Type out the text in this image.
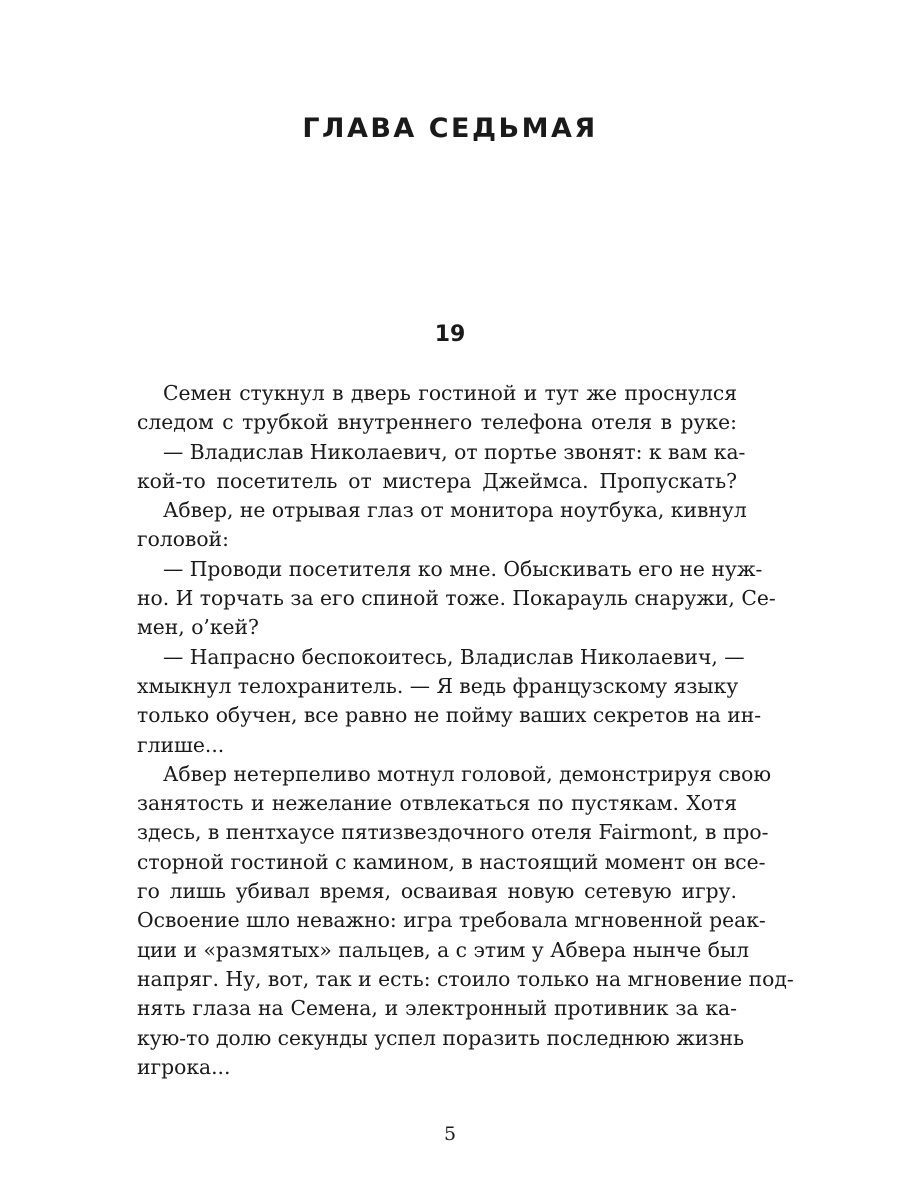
ГЛАВА СЕДЬМАЯ
19
Семен стукнул в дверь гостиной и тут же проснулся
следом с трубкой внутреннего телефона отеля в руке:
— Владислав Николаевич, от портье звонят: к вам ка-
кой-то посетитель от мистера Джеймса. Пропускать?
Абвер, не отрывая глаз от монитора ноутбука, кивнул
головой:
— Проводи посетителя ко мне. Обыскивать его не нуж-
но. И торчать за его спиной тоже. Покарауль снаружи, Се-
мен, о’кей?
— Напрасно беспокоитесь, Владислав Николаевич, —
хмыкнул телохранитель. — Я ведь французскому языку
только обучен, все равно не пойму ваших секретов на ин-
глише...
Абвер нетерпеливо мотнул головой, демонстрируя свою
занятость и нежелание отвлекаться по пустякам. Хотя
здесь, в пентхаусе пятизвездочного отеля Fairmont, в про-
сторной гостиной с камином, в настоящий момент он все-
го лишь убивал время, осваивая новую сетевую игру.
Освоение шло неважно: игра требовала мгновенной реак-
ции и «размятых» пальцев, а с этим у Абвера нынче был
напряг. Ну, вот, так и есть: стоило только на мгновение под-
нять глаза на Семена, и электронный противник за ка-
кую-то долю секунды успел поразить последнюю жизнь
игрока...
5
